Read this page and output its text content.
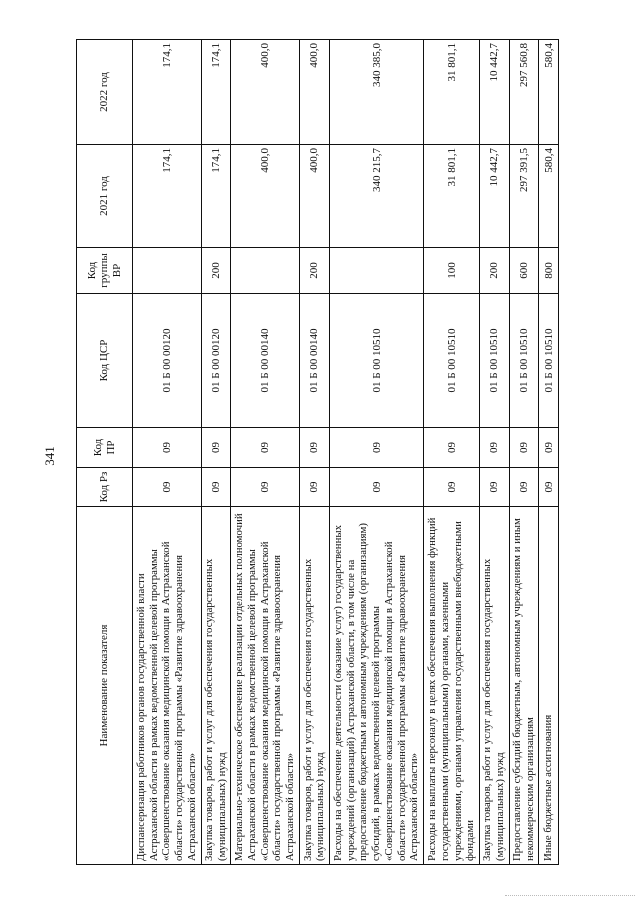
341
Наименование показателя	Код Рз	Код ПР	Код ЦСР	Код группы ВР	2021 год	2022 год
Диспансеризация работников органов государственной власти Астраханской области в рамках ведомственной целевой программы «Совершенствование оказания медицинской помощи в Астраханской области» государственной программы «Развитие здравоохранения Астраханской области»	09	09	01 Б 00 00120		174,1	174,1
Закупка товаров, работ и услуг для обеспечения государственных (муниципальных) нужд	09	09	01 Б 00 00120	200	174,1	174,1
Материально-техническое обеспечение реализации отдельных полномочий Астраханской области в рамках ведомственной целевой программы «Совершенствование оказания медицинской помощи в Астраханской области» государственной программы «Развитие здравоохранения Астраханской области»	09	09	01 Б 00 00140		400,0	400,0
Закупка товаров, работ и услуг для обеспечения государственных (муниципальных) нужд	09	09	01 Б 00 00140	200	400,0	400,0
Расходы на обеспечение деятельности (оказание услуг) государственных учреждений (организаций) Астраханской области, в том числе на предоставление бюджетным и автономным учреждениям (организациям) субсидий, в рамках ведомственной целевой программы «Совершенствование оказания медицинской помощи в Астраханской области» государственной программы «Развитие здравоохранения Астраханской области»	09	09	01 Б 00 10510		340 215,7	340 385,0
Расходы на выплаты персоналу в целях обеспечения выполнения функций государственными (муниципальными) органами, казенными учреждениями, органами управления государственными внебюджетными фондами	09	09	01 Б 00 10510	100	31 801,1	31 801,1
Закупка товаров, работ и услуг для обеспечения государственных (муниципальных) нужд	09	09	01 Б 00 10510	200	10 442,7	10 442,7
Предоставление субсидий бюджетным, автономным учреждениям и иным некоммерческим организациям	09	09	01 Б 00 10510	600	297 391,5	297 560,8
Иные бюджетные ассигнования	09	09	01 Б 00 10510	800	580,4	580,4
